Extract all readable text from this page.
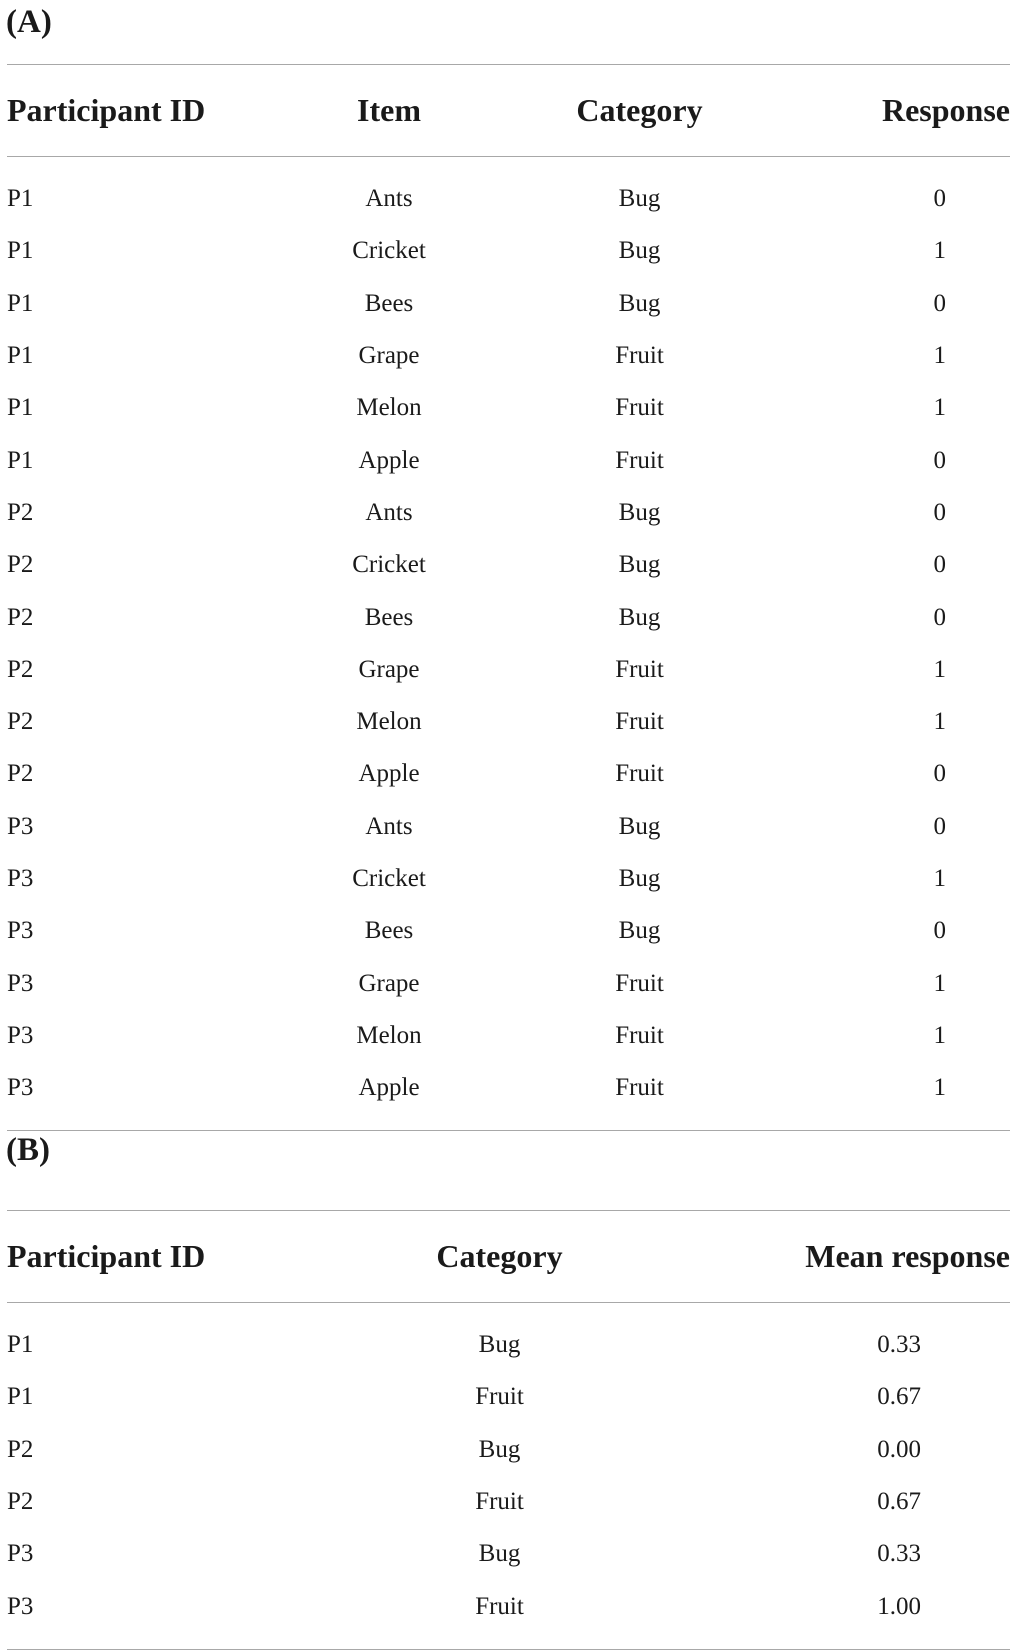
(A)
Participant ID	Item	Category	Response

P1	Ants	Bug	0
P1	Cricket	Bug	1
P1	Bees	Bug	0
P1	Grape	Fruit	1
P1	Melon	Fruit	1
P1	Apple	Fruit	0
P2	Ants	Bug	0
P2	Cricket	Bug	0
P2	Bees	Bug	0
P2	Grape	Fruit	1
P2	Melon	Fruit	1
P2	Apple	Fruit	0
P3	Ants	Bug	0
P3	Cricket	Bug	1
P3	Bees	Bug	0
P3	Grape	Fruit	1
P3	Melon	Fruit	1
P3	Apple	Fruit	1

(B)
Participant ID	Category	Mean response

P1	Bug	0.33
P1	Fruit	0.67
P2	Bug	0.00
P2	Fruit	0.67
P3	Bug	0.33
P3	Fruit	1.00
